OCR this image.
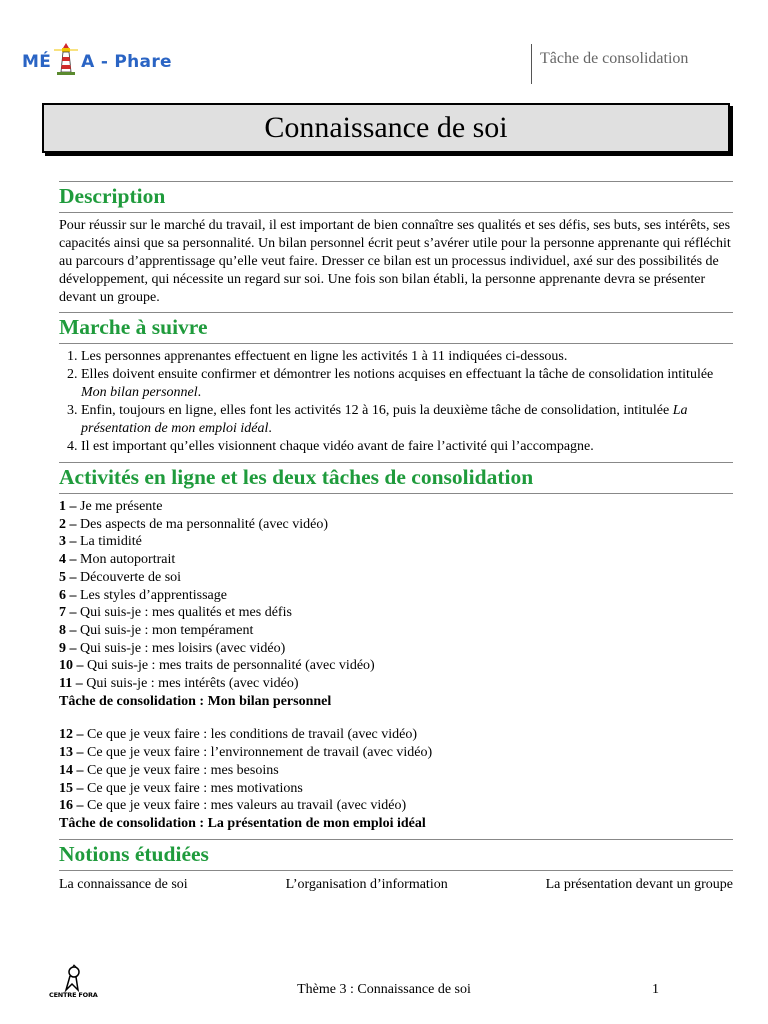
MÉ A - Phare	Tâche de consolidation
Connaissance de soi
Description

Pour réussir sur le marché du travail, il est important de bien connaître ses qualités et ses défis, ses buts, ses intérêts, ses capacités ainsi que sa personnalité. Un bilan personnel écrit peut s’avérer utile pour la personne apprenante qui réfléchit au parcours d’apprentissage qu’elle veut faire. Dresser ce bilan est un processus individuel, axé sur des possibilités de développement, qui nécessite un regard sur soi. Une fois son bilan établi, la personne apprenante devra se présenter devant un groupe.

Marche à suivre
1. Les personnes apprenantes effectuent en ligne les activités 1 à 11 indiquées ci-dessous.
2. Elles doivent ensuite confirmer et démontrer les notions acquises en effectuant la tâche de consolidation intitulée Mon bilan personnel.
3. Enfin, toujours en ligne, elles font les activités 12 à 16, puis la deuxième tâche de consolidation, intitulée La présentation de mon emploi idéal.
4. Il est important qu’elles visionnent chaque vidéo avant de faire l’activité qui l’accompagne.
Activités en ligne et les deux tâches de consolidation
1 – Je me présente
2 – Des aspects de ma personnalité (avec vidéo)
3 – La timidité
4 – Mon autoportrait
5 – Découverte de soi
6 – Les styles d’apprentissage
7 – Qui suis-je : mes qualités et mes défis
8 – Qui suis-je : mon tempérament
9 – Qui suis-je : mes loisirs (avec vidéo)
10 – Qui suis-je : mes traits de personnalité (avec vidéo)
11 – Qui suis-je : mes intérêts (avec vidéo)
Tâche de consolidation : Mon bilan personnel
12 – Ce que je veux faire : les conditions de travail (avec vidéo)
13 – Ce que je veux faire : l’environnement de travail (avec vidéo)
14 – Ce que je veux faire : mes besoins
15 – Ce que je veux faire : mes motivations
16 – Ce que je veux faire : mes valeurs au travail (avec vidéo)
Tâche de consolidation : La présentation de mon emploi idéal
Notions étudiées
La connaissance de soi	L’organisation d’information	La présentation devant un groupe
CENTRE FORA	Thème 3 : Connaissance de soi	1
